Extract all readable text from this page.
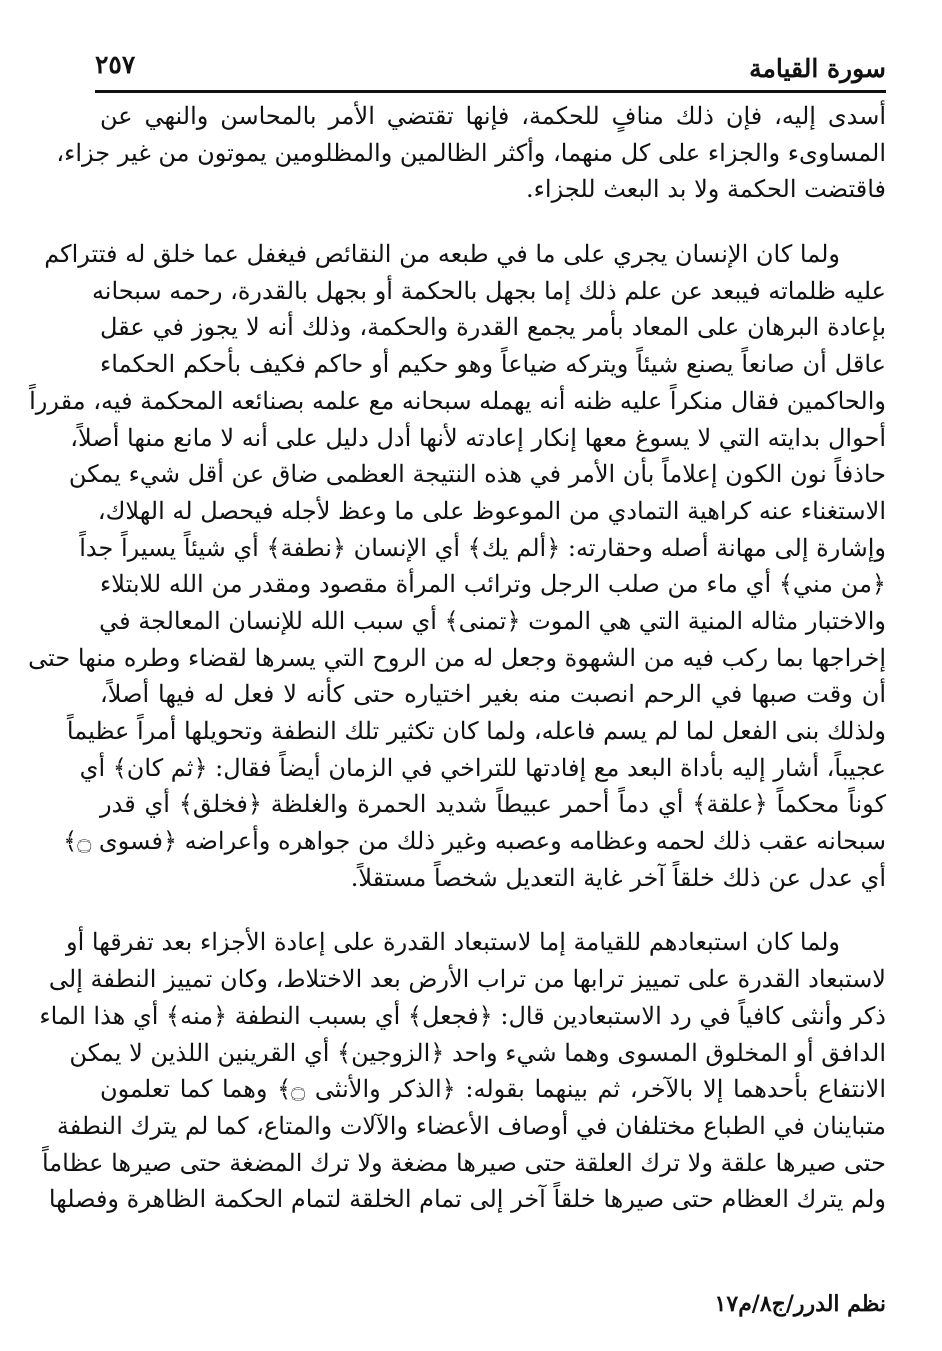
سورة القيامة
٢٥٧
أسدى إليه، فإن ذلك منافٍ للحكمة، فإنها تقتضي الأمر بالمحاسن والنهي عن
المساوىء والجزاء على كل منهما، وأكثر الظالمين والمظلومين يموتون من غير جزاء،
فاقتضت الحكمة ولا بد البعث للجزاء.
ولما كان الإنسان يجري على ما في طبعه من النقائص فيغفل عما خلق له فتتراكم
عليه ظلماته فيبعد عن علم ذلك إما بجهل بالحكمة أو بجهل بالقدرة، رحمه سبحانه
بإعادة البرهان على المعاد بأمر يجمع القدرة والحكمة، وذلك أنه لا يجوز في عقل
عاقل أن صانعاً يصنع شيئاً ويتركه ضياعاً وهو حكيم أو حاكم فكيف بأحكم الحكماء
والحاكمين فقال منكراً عليه ظنه أنه يهمله سبحانه مع علمه بصنائعه المحكمة فيه، مقرراً
أحوال بدايته التي لا يسوغ معها إنكار إعادته لأنها أدل دليل على أنه لا مانع منها أصلاً،
حاذفاً نون الكون إعلاماً بأن الأمر في هذه النتيجة العظمى ضاق عن أقل شيء يمكن
الاستغناء عنه كراهية التمادي من الموعوظ على ما وعظ لأجله فيحصل له الهلاك،
وإشارة إلى مهانة أصله وحقارته: ﴿ألم يك﴾ أي الإنسان ﴿نطفة﴾ أي شيئاً يسيراً جداً
﴿من مني﴾ أي ماء من صلب الرجل وترائب المرأة مقصود ومقدر من الله للابتلاء
والاختبار مثاله المنية التي هي الموت ﴿تمنى﴾ أي سبب الله للإنسان المعالجة في
إخراجها بما ركب فيه من الشهوة وجعل له من الروح التي يسرها لقضاء وطره منها حتى
أن وقت صبها في الرحم انصبت منه بغير اختياره حتى كأنه لا فعل له فيها أصلاً،
ولذلك بنى الفعل لما لم يسم فاعله، ولما كان تكثير تلك النطفة وتحويلها أمراً عظيماً
عجيباً، أشار إليه بأداة البعد مع إفادتها للتراخي في الزمان أيضاً فقال: ﴿ثم كان﴾ أي
كوناً محكماً ﴿علقة﴾ أي دماً أحمر عبيطاً شديد الحمرة والغلظة ﴿فخلق﴾ أي قدر
سبحانه عقب ذلك لحمه وعظامه وعصبه وغير ذلك من جواهره وأعراضه ﴿فسوى ۝﴾
أي عدل عن ذلك خلقاً آخر غاية التعديل شخصاً مستقلاً.
ولما كان استبعادهم للقيامة إما لاستبعاد القدرة على إعادة الأجزاء بعد تفرقها أو
لاستبعاد القدرة على تمييز ترابها من تراب الأرض بعد الاختلاط، وكان تمييز النطفة إلى
ذكر وأنثى كافياً في رد الاستبعادين قال: ﴿فجعل﴾ أي بسبب النطفة ﴿منه﴾ أي هذا الماء
الدافق أو المخلوق المسوى وهما شيء واحد ﴿الزوجين﴾ أي القرينين اللذين لا يمكن
الانتفاع بأحدهما إلا بالآخر، ثم بينهما بقوله: ﴿الذكر والأنثى ۝﴾ وهما كما تعلمون
متباينان في الطباع مختلفان في أوصاف الأعضاء والآلات والمتاع، كما لم يترك النطفة
حتى صيرها علقة ولا ترك العلقة حتى صيرها مضغة ولا ترك المضغة حتى صيرها عظاماً
ولم يترك العظام حتى صيرها خلقاً آخر إلى تمام الخلقة لتمام الحكمة الظاهرة وفصلها
نظم الدرر/ج٨/م١٧
